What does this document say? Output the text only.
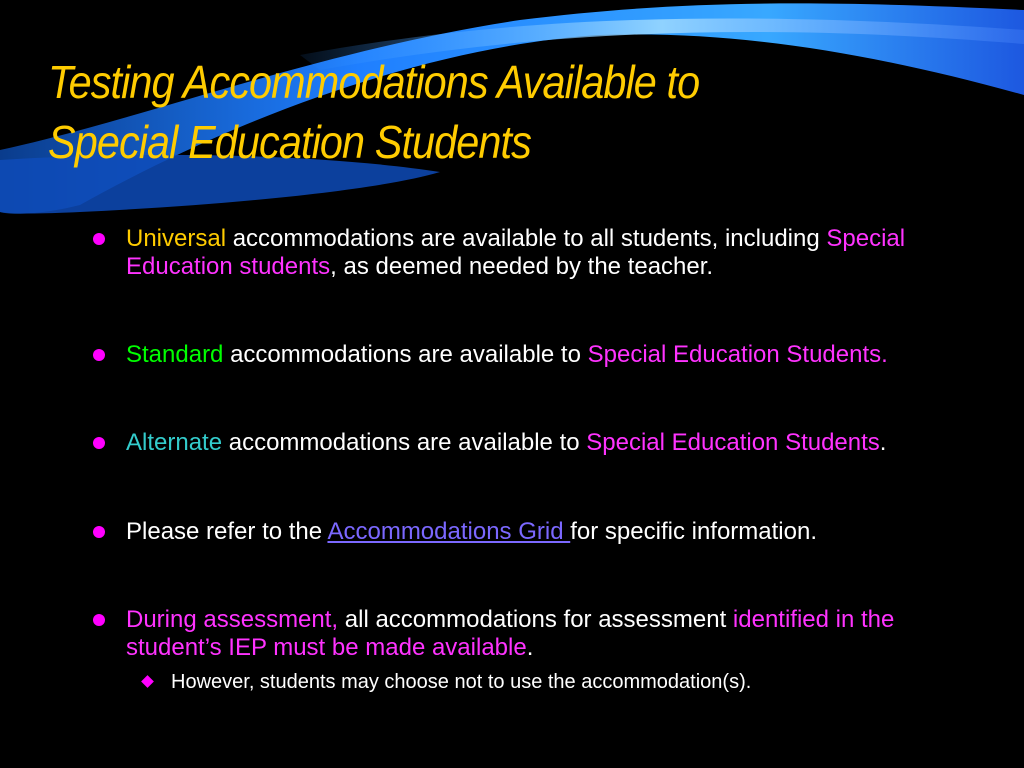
Testing Accommodations Available to
Special Education Students
Universal accommodations are available to all students, including Special Education students, as deemed needed by the teacher.
Standard accommodations are available to Special Education Students.
Alternate accommodations are available to Special Education Students.
Please refer to the Accommodations Grid for specific information.
During assessment, all accommodations for assessment identified in the student’s IEP must be made available.
However, students may choose not to use the accommodation(s).
